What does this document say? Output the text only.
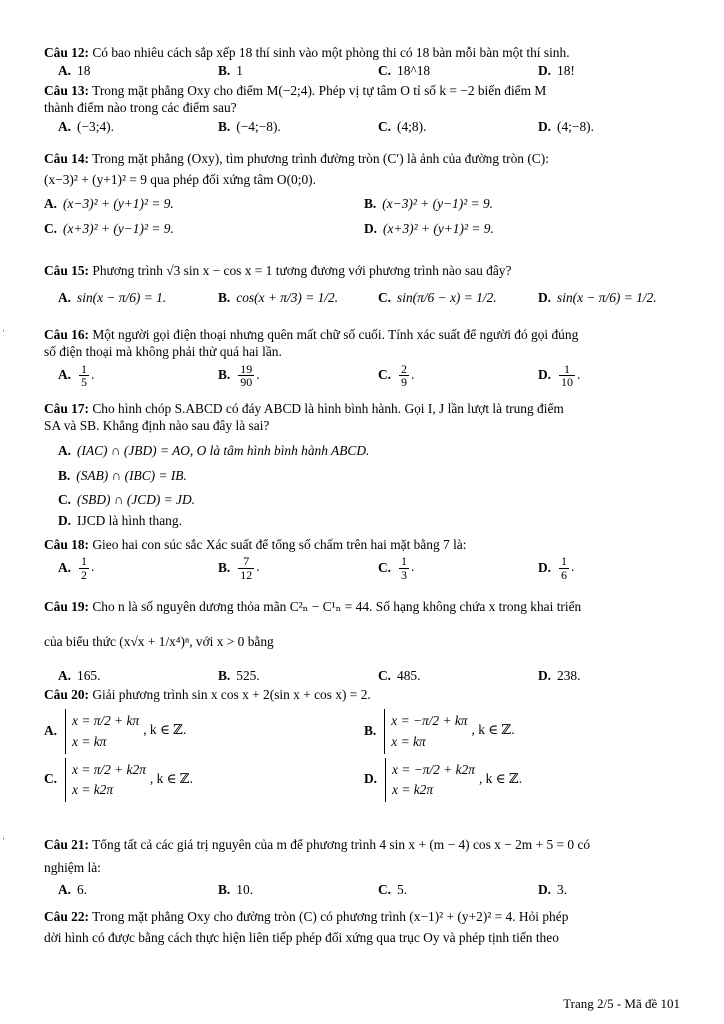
Câu 12: Có bao nhiêu cách sắp xếp 18 thí sinh vào một phòng thi có 18 bàn mỗi bàn một thí sinh.
A. 18	B. 1	C. 18^18	D. 18!
Câu 13: Trong mặt phẳng Oxy cho điểm M(−2;4). Phép vị tự tâm O tỉ số k = −2 biến điểm M
thành điểm nào trong các điểm sau?
A. (−3;4).	B. (−4;−8).	C. (4;8).	D. (4;−8).
Câu 14: Trong mặt phẳng (Oxy), tìm phương trình đường tròn (C′) là ảnh của đường tròn (C):
(x−3)² + (y+1)² = 9 qua phép đối xứng tâm O(0;0).
A. (x−3)² + (y+1)² = 9.	B. (x−3)² + (y−1)² = 9.
C. (x+3)² + (y−1)² = 9.	D. (x+3)² + (y+1)² = 9.
Câu 15: Phương trình √3 sin x − cos x = 1 tương đương với phương trình nào sau đây?
A. sin(x − π/6) = 1.	B. cos(x + π/3) = 1/2.	C. sin(π/6 − x) = 1/2.	D. sin(x − π/6) = 1/2.
ˈ	Câu 16: Một người gọi điện thoại nhưng quên mất chữ số cuối. Tính xác suất để người đó gọi đúng
số điện thoại mà không phải thử quá hai lần.
A. $\frac{1}{5}$ .	B. $\frac{19}{90}$ .	C. $\frac{2}{9}$ .	D. $\frac{1}{10}$ .
Câu 17: Cho hình chóp S.ABCD có đáy ABCD là hình bình hành. Gọi I, J lần lượt là trung điểm
SA và SB. Khẳng định nào sau đây là sai?
A. (IAC) ∩ (JBD) = AO, O là tâm hình bình hành ABCD.
B. (SAB) ∩ (IBC) = IB.
C. (SBD) ∩ (JCD) = JD.
D. IJCD là hình thang.
Câu 18: Gieo hai con súc sắc Xác suất để tổng số chấm trên hai mặt bằng 7 là:
A. $\frac{1}{2}$ .	B. $\frac{7}{12}$ .	C. $\frac{1}{3}$ .	D. $\frac{1}{6}$ .
Câu 19: Cho n là số nguyên dương thỏa mãn C²ₙ − C¹ₙ = 44. Số hạng không chứa x trong khai triển
của biểu thức (x√x + 1/x⁴)ⁿ, với x > 0 bằng
A. 165.	B. 525.	C. 485.	D. 238.
Câu 20: Giải phương trình sin x cos x + 2(sin x + cos x) = 2.
A.
x = π/2 + kπ
x = kπ
, k ∈ ℤ.	B.
x = −π/2 + kπ
x = kπ
, k ∈ ℤ.
C.
x = π/2 + k2π
x = k2π
, k ∈ ℤ.	D.
x = −π/2 + k2π
x = k2π
, k ∈ ℤ.
ˈ	Câu 21: Tổng tất cả các giá trị nguyên của m để phương trình 4 sin x + (m − 4) cos x − 2m + 5 = 0 có
nghiệm là:
A. 6.	B. 10.	C. 5.	D. 3.
Câu 22: Trong mặt phẳng Oxy cho đường tròn (C) có phương trình (x−1)² + (y+2)² = 4. Hỏi phép
dời hình có được bằng cách thực hiện liên tiếp phép đối xứng qua trục Oy và phép tịnh tiến theo
Trang 2/5 - Mã đề 101
